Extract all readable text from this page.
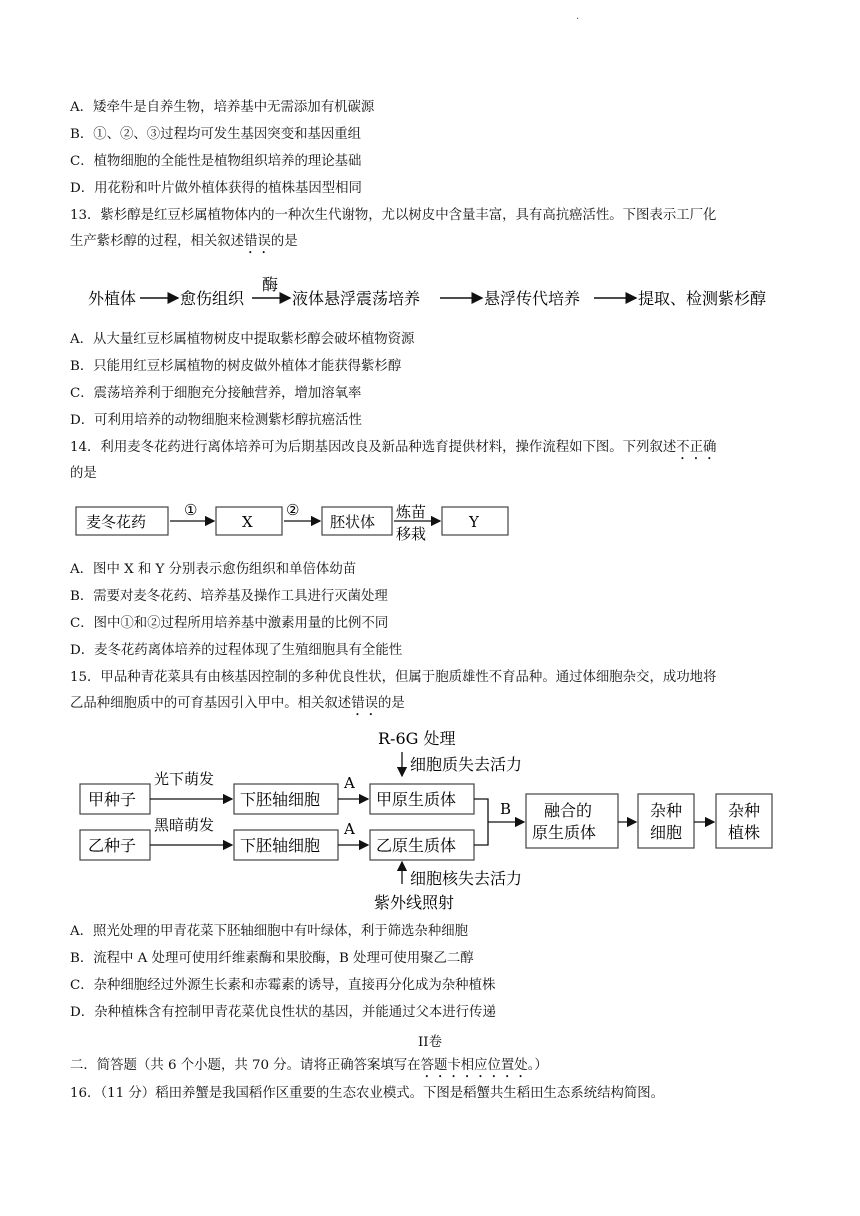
·
A．矮牵牛是自养生物，培养基中无需添加有机碳源
B．①、②、③过程均可发生基因突变和基因重组
C．植物细胞的全能性是植物组织培养的理论基础
D．用花粉和叶片做外植体获得的植株基因型相同
13．紫杉醇是红豆杉属植物体内的一种次生代谢物，尤以树皮中含量丰富，具有高抗癌活性。下图表示工厂化
生产紫杉醇的过程，相关叙述错误的是
外植体	愈伤组织
酶
液体悬浮震荡培养	悬浮传代培养	提取、检测紫杉醇
A．从大量红豆杉属植物树皮中提取紫杉醇会破坏植物资源
B．只能用红豆杉属植物的树皮做外植体才能获得紫杉醇
C．震荡培养利于细胞充分接触营养，增加溶氧率
D．可利用培养的动物细胞来检测紫杉醇抗癌活性
14．利用麦冬花药进行离体培养可为后期基因改良及新品种选育提供材料，操作流程如下图。下列叙述不正确
的是
麦冬花药
①
X
②
胚状体
炼苗
移栽
Y
A．图中 X 和 Y 分别表示愈伤组织和单倍体幼苗
B．需要对麦冬花药、培养基及操作工具进行灭菌处理
C．图中①和②过程所用培养基中激素用量的比例不同
D．麦冬花药离体培养的过程体现了生殖细胞具有全能性
15．甲品种青花菜具有由核基因控制的多种优良性状，但属于胞质雄性不育品种。通过体细胞杂交，成功地将
乙品种细胞质中的可育基因引入甲中。相关叙述错误的是
R-6G 处理
细胞质失去活力
甲种子
光下萌发
下胚轴细胞
A
甲原生质体
乙种子
黑暗萌发
下胚轴细胞
A
乙原生质体
B 融合的
原生质体
杂种
细胞
杂种
植株
细胞核失去活力
紫外线照射
A．照光处理的甲青花菜下胚轴细胞中有叶绿体，利于筛选杂种细胞
B．流程中 A 处理可使用纤维素酶和果胶酶，B 处理可使用聚乙二醇
C．杂种细胞经过外源生长素和赤霉素的诱导，直接再分化成为杂种植株
D．杂种植株含有控制甲青花菜优良性状的基因，并能通过父本进行传递
II卷
二．简答题（共 6 个小题，共 70 分。请将正确答案填写在答题卡相应位置处。）
16．（11 分）稻田养蟹是我国稻作区重要的生态农业模式。下图是稻蟹共生稻田生态系统结构简图。
